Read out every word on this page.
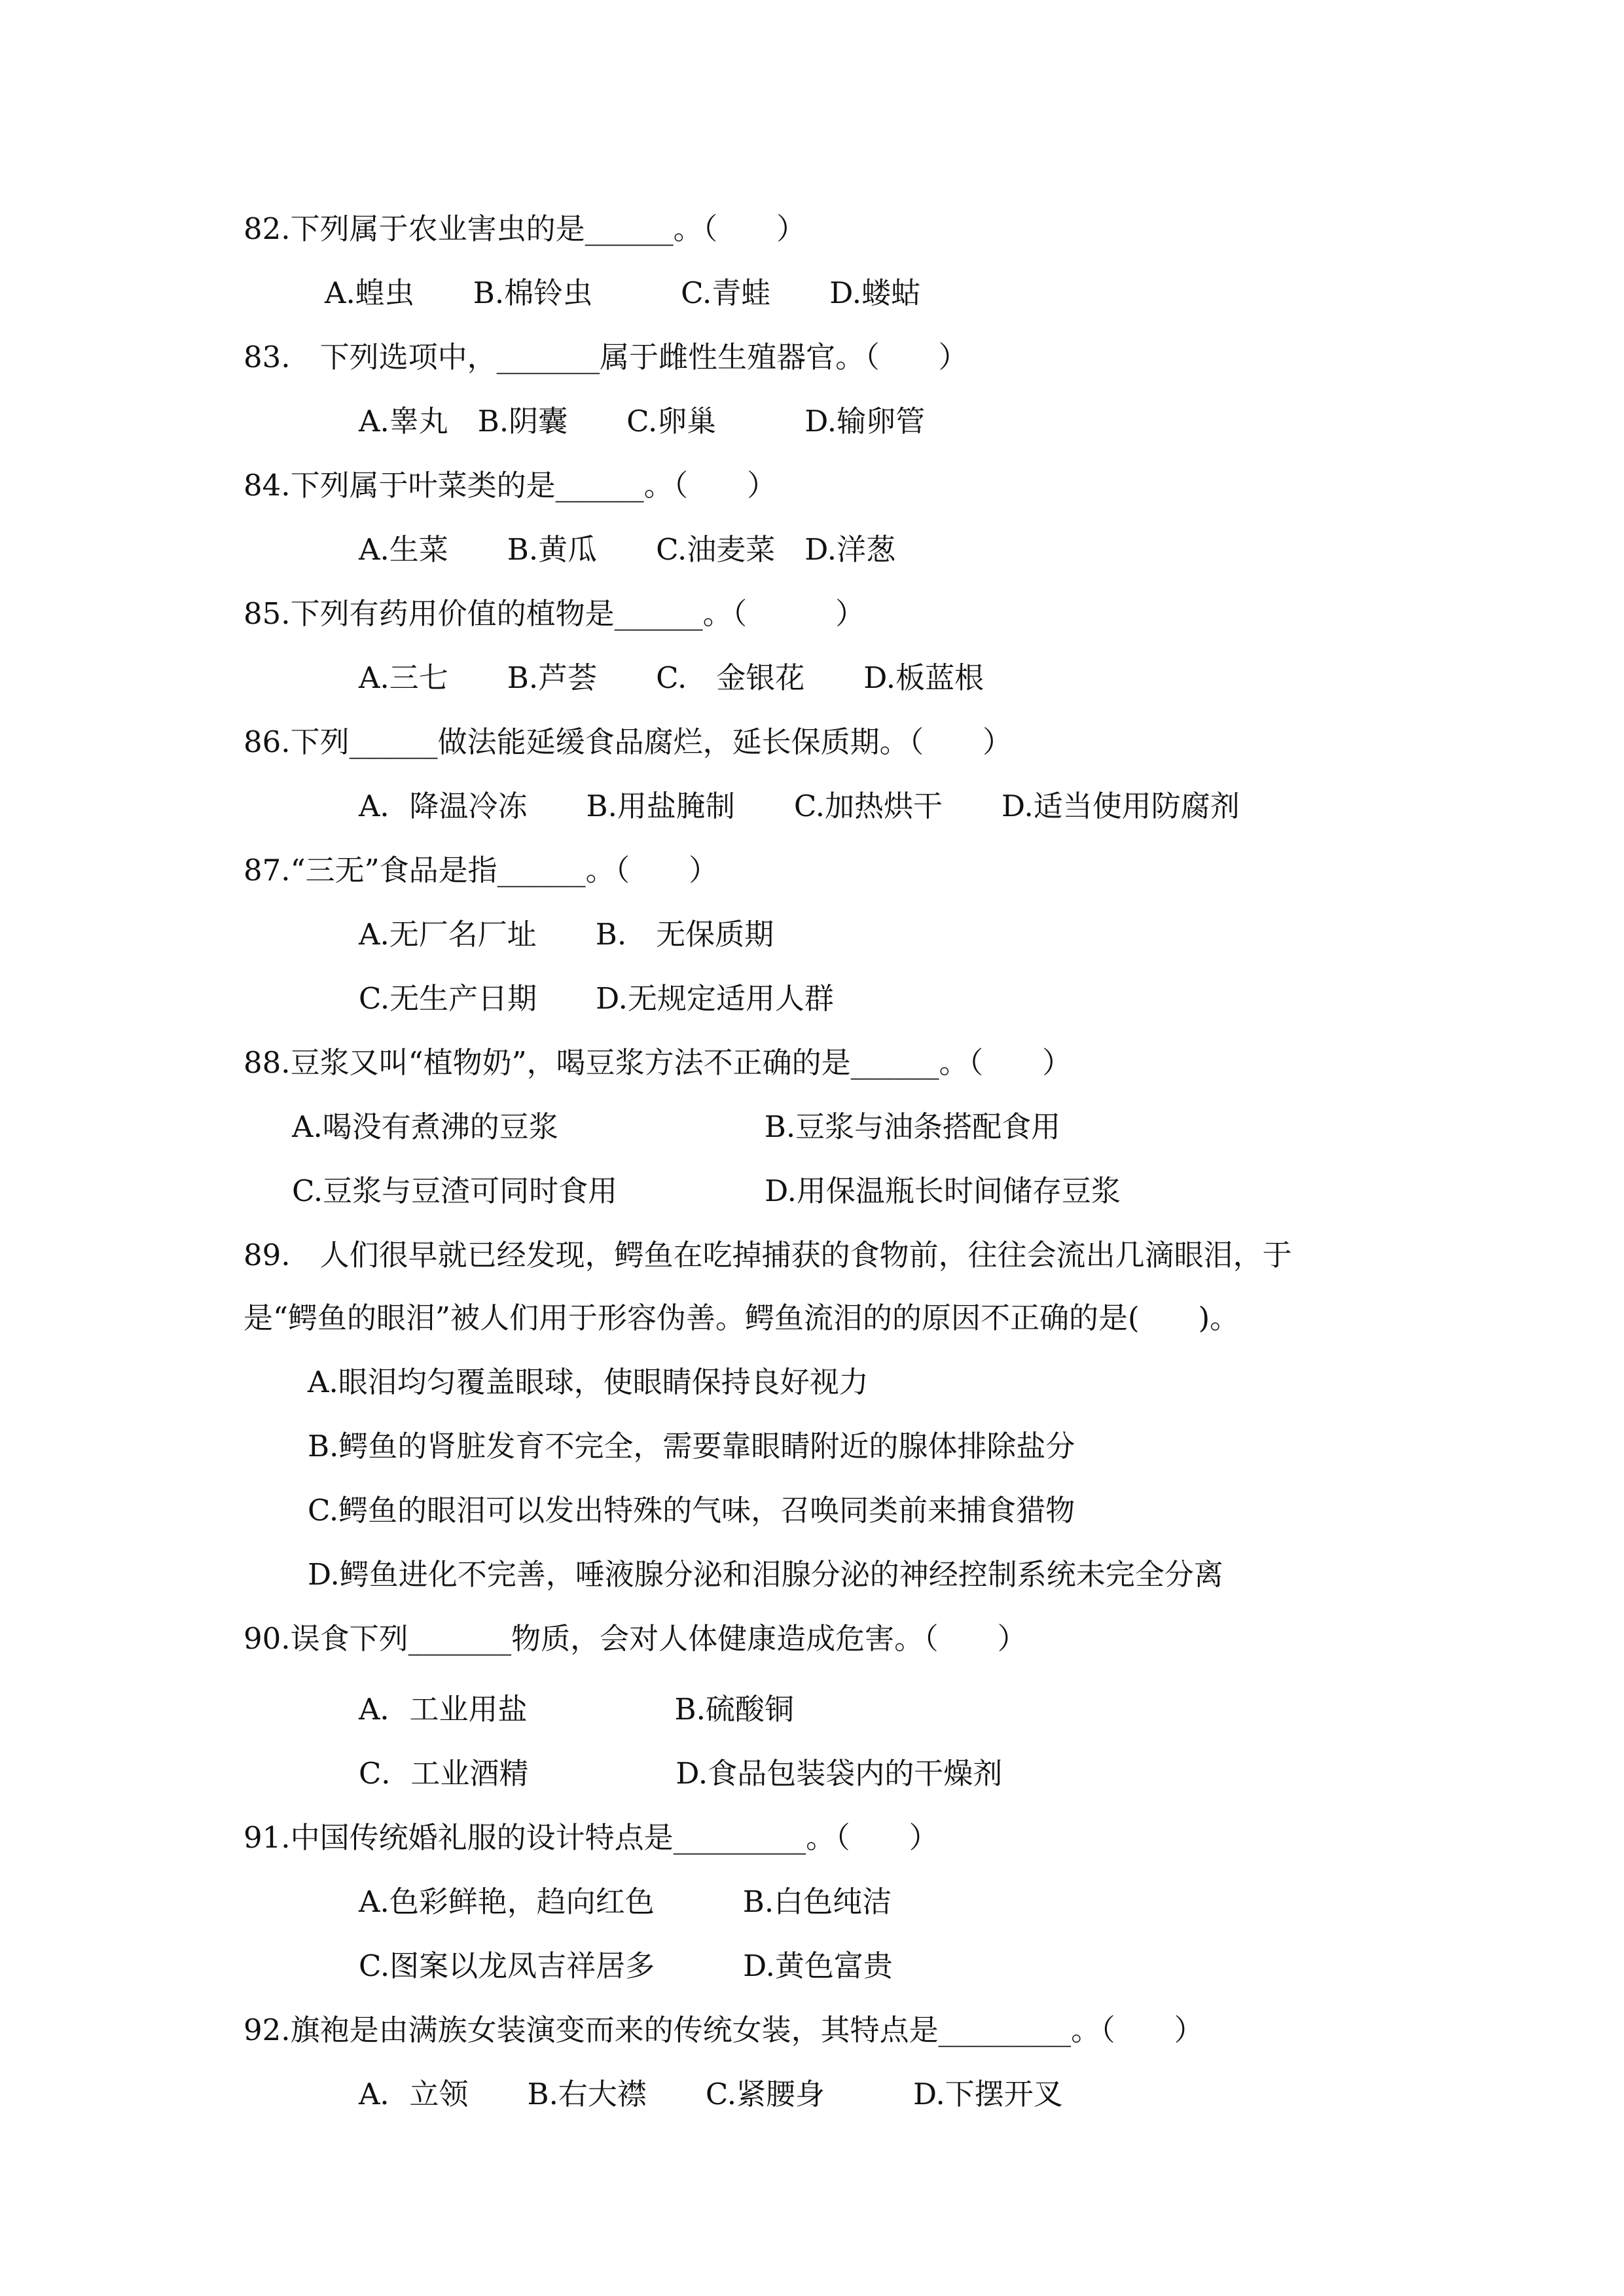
82.下列属于农业害虫的是______。（　　）

A.蝗虫　　B.棉铃虫　　　C.青蛙　　D.蝼蛄

83.　下列选项中，_______属于雌性生殖器官。（　　）

A.睾丸　B.阴囊　　C.卵巢　　　D.输卵管

84.下列属于叶菜类的是______。（　　）

A.生菜　　B.黄瓜　　C.油麦菜　D.洋葱

85.下列有药用价值的植物是______。（　　　）

A.三七　　B.芦荟　　C.　金银花　　D.板蓝根

86.下列______做法能延缓食品腐烂，延长保质期。（　　）

A．降温冷冻　　B.用盐腌制　　C.加热烘干　　D.适当使用防腐剂

87.“三无”食品是指______。（　　）

A.无厂名厂址　　B.　无保质期

C.无生产日期　　D.无规定适用人群

88.豆浆又叫“植物奶”，喝豆浆方法不正确的是______。（　　）

A.喝没有煮沸的豆浆　　　　　　　B.豆浆与油条搭配食用

C.豆浆与豆渣可同时食用　　　　　D.用保温瓶长时间储存豆浆

89.　人们很早就已经发现，鳄鱼在吃掉捕获的食物前，往往会流出几滴眼泪，于

是“鳄鱼的眼泪”被人们用于形容伪善。鳄鱼流泪的的原因不正确的是(　　)。

A.眼泪均匀覆盖眼球，使眼睛保持良好视力

B.鳄鱼的肾脏发育不完全，需要靠眼睛附近的腺体排除盐分

C.鳄鱼的眼泪可以发出特殊的气味，召唤同类前来捕食猎物

D.鳄鱼进化不完善，唾液腺分泌和泪腺分泌的神经控制系统未完全分离

90.误食下列_______物质，会对人体健康造成危害。（　　）

A．工业用盐　　　　　B.硫酸铜

C．工业酒精　　　　　D.食品包装袋内的干燥剂

91.中国传统婚礼服的设计特点是_________。（　　）

A.色彩鲜艳，趋向红色　　　B.白色纯洁

C.图案以龙凤吉祥居多　　　D.黄色富贵

92.旗袍是由满族女装演变而来的传统女装，其特点是_________。（　　）

A．立领　　B.右大襟　　C.紧腰身　　　D.下摆开叉
